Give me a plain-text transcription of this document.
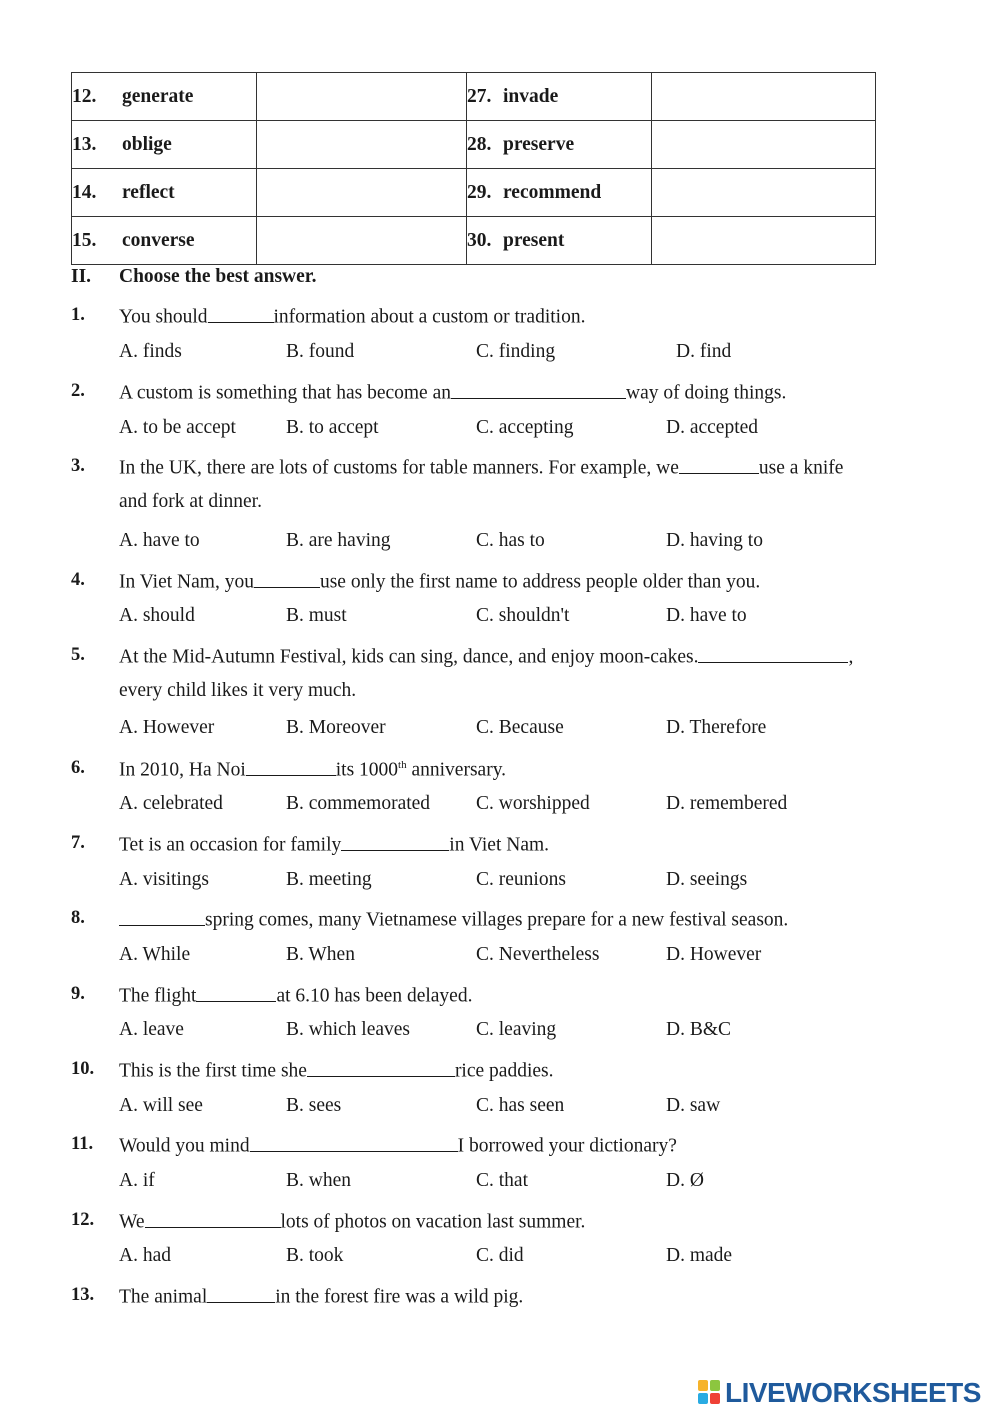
12. generate		27. invade	
13. oblige		28. preserve	
14. reflect		29. recommend	
15. converse		30. present	
II. Choose the best answer.
1. You should	information about a custom or tradition.
A. finds	B. found	C. finding	D. find
2. A custom is something that has become an	way of doing things.
A. to be accept	B. to accept	C. accepting	D. accepted
3. In the UK, there are lots of customs for table manners. For example, we	use a knife
and fork at dinner.
A. have to	B. are having	C. has to	D. having to
4. In Viet Nam, you	use only the first name to address people older than you.
A. should	B. must	C. shouldn't	D. have to
5. At the Mid-Autumn Festival, kids can sing, dance, and enjoy moon-cakes.	,
every child likes it very much.
A. However	B. Moreover	C. Because	D. Therefore
6. In 2010, Ha Noi	its 1000th anniversary.
A. celebrated	B. commemorated C. worshipped	D. remembered
7. Tet is an occasion for family	in Viet Nam.
A. visitings	B. meeting	C. reunions	D. seeings
8.	spring comes, many Vietnamese villages prepare for a new festival season.
A. While	B. When	C. Nevertheless	D. However
9. The flight	at 6.10 has been delayed.
A. leave	B. which leaves	C. leaving	D. B&C
10. This is the first time she	rice paddies.
A. will see	B. sees	C. has seen	D. saw
11. Would you mind	I borrowed your dictionary?
A. if	B. when	C. that	D. Ø
12. We	lots of photos on vacation last summer.
A. had	B. took	C. did	D. made
13. The animal	in the forest fire was a wild pig.
LIVEWORKSHEETS
